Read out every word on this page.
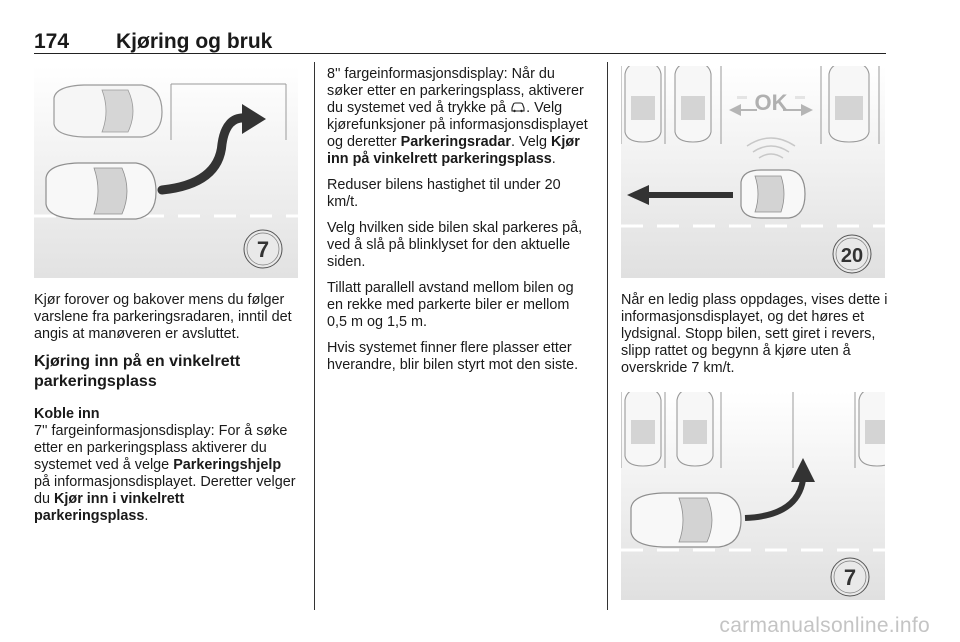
174 Kjøring og bruk
7

Kjør forover og bakover mens du følger varslene fra parkeringsradaren, inntil det angis at manøveren er avsluttet.

Kjøring inn på en vinkelrett parkeringsplass
Koble inn

7'' fargeinformasjonsdisplay: For å søke etter en parkeringsplass aktiverer du systemet ved å velge Parkeringshjelp på informasjonsdisplayet. Deretter velger du Kjør inn i vinkelrett parkeringsplass.

8'' fargeinformasjonsdisplay: Når du søker etter en parkeringsplass, aktiverer du systemet ved å trykke på . Velg kjørefunksjoner på informasjonsdisplayet og deretter Parkeringsradar. Velg Kjør inn på vinkelrett parkeringsplass.

Reduser bilens hastighet til under 20 km/t.

Velg hvilken side bilen skal parkeres på, ved å slå på blinklyset for den aktuelle siden.

Tillatt parallell avstand mellom bilen og en rekke med parkerte biler er mellom 0,5 m og 1,5 m.

Hvis systemet finner flere plasser etter hverandre, blir bilen styrt mot den siste.

OK
20

Når en ledig plass oppdages, vises dette i informasjonsdisplayet, og det høres et lydsignal. Stopp bilen, sett giret i revers, slipp rattet og begynn å kjøre uten å overskride 7 km/t.

7
carmanualsonline.info
